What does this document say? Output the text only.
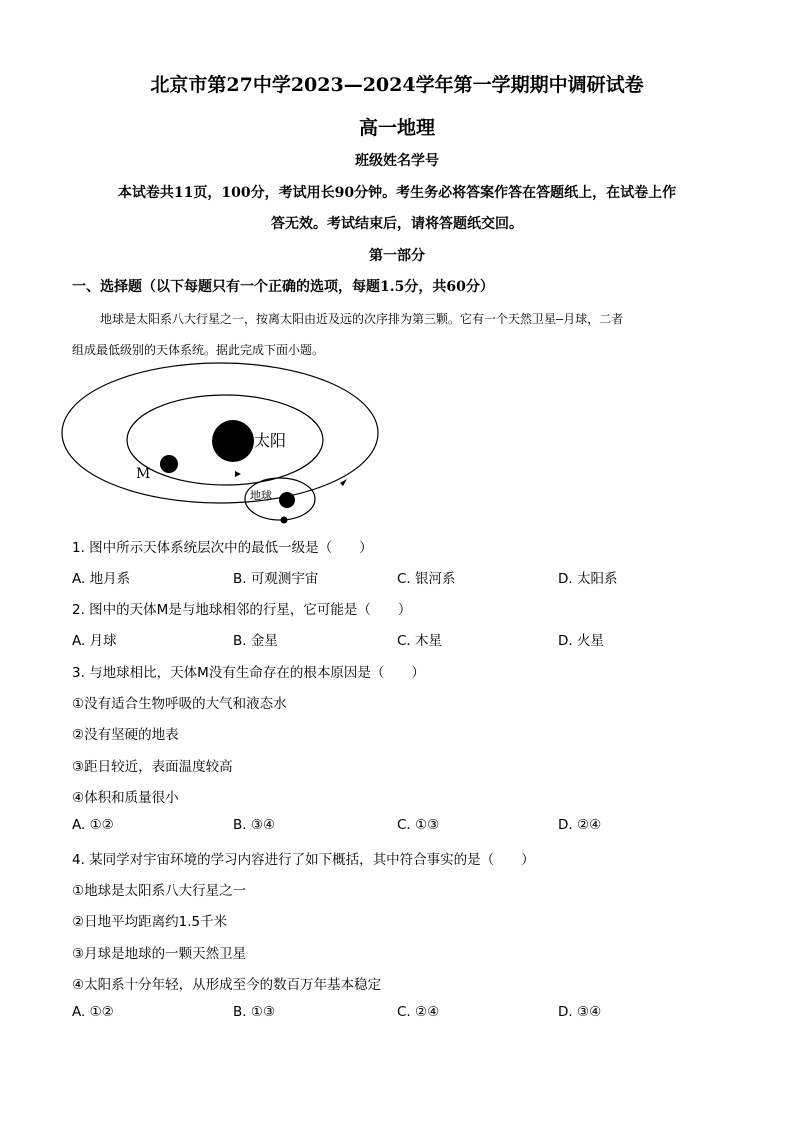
北京市第27中学2023—2024学年第一学期期中调研试卷
高一地理
班级姓名学号
本试卷共11页，100分，考试用长90分钟。考生务必将答案作答在答题纸上，在试卷上作
答无效。考试结束后，请将答题纸交回。
第一部分
一、选择题（以下每题只有一个正确的选项，每题1.5分，共60分）
地球是太阳系八大行星之一，按离太阳由近及远的次序排为第三颗。它有一个天然卫星—月球，二者
组成最低级别的天体系统。据此完成下面小题。
太阳
M
地球
1. 图中所示天体系统层次中的最低一级是（　　）
A. 地月系	B. 可观测宇宙	C. 银河系	D. 太阳系
2. 图中的天体M是与地球相邻的行星，它可能是（　　）
A. 月球	B. 金星	C. 木星	D. 火星
3. 与地球相比，天体M没有生命存在的根本原因是（　　）
①没有适合生物呼吸的大气和液态水
②没有坚硬的地表
③距日较近，表面温度较高
④体积和质量很小
A. ①②	B. ③④	C. ①③	D. ②④
4. 某同学对宇宙环境的学习内容进行了如下概括，其中符合事实的是（　　）
①地球是太阳系八大行星之一
②日地平均距离约1.5千米
③月球是地球的一颗天然卫星
④太阳系十分年轻，从形成至今的数百万年基本稳定
A. ①②	B. ①③	C. ②④	D. ③④
